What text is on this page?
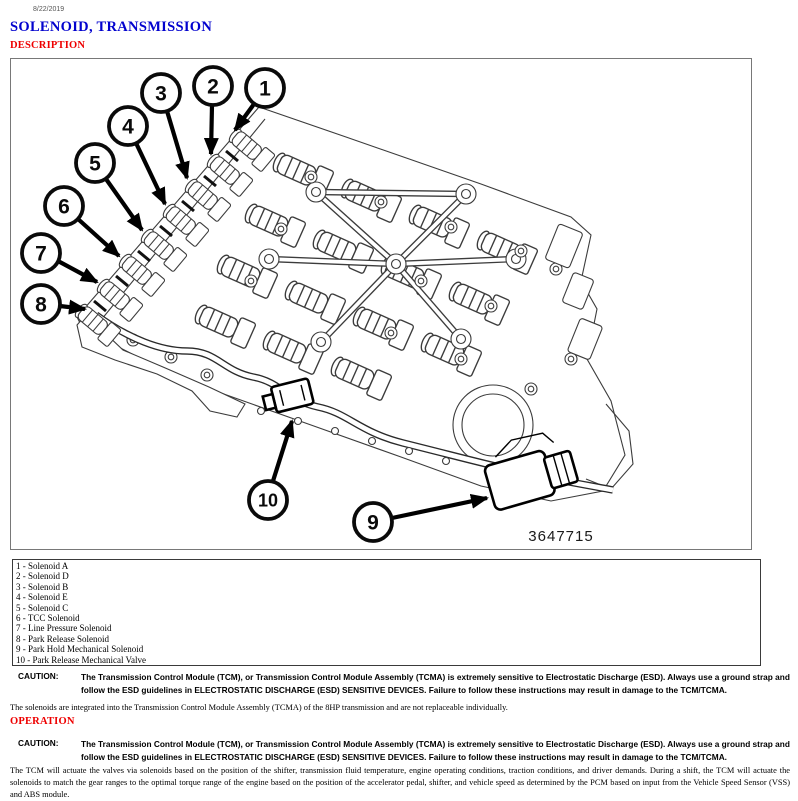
8/22/2019
SOLENOID, TRANSMISSION
DESCRIPTION
1
2
3
4
5
6
7
8
9
10
3647715
1 - Solenoid A
2 - Solenoid D
3 - Solenoid B
4 - Solenoid E
5 - Solenoid C
6 - TCC Solenoid
7 - Line Pressure Solenoid
8 - Park Release Solenoid
9 - Park Hold Mechanical Solenoid
10 - Park Release Mechanical Valve
CAUTION:	The Transmission Control Module (TCM), or Transmission Control Module Assembly (TCMA) is extremely sensitive to Electrostatic Discharge (ESD). Always use a ground strap and follow the ESD guidelines in ELECTROSTATIC DISCHARGE (ESD) SENSITIVE DEVICES. Failure to follow these instructions may result in damage to the TCM/TCMA.
The solenoids are integrated into the Transmission Control Module Assembly (TCMA) of the 8HP transmission and are not replaceable individually.
OPERATION
CAUTION:	The Transmission Control Module (TCM), or Transmission Control Module Assembly (TCMA) is extremely sensitive to Electrostatic Discharge (ESD). Always use a ground strap and follow the ESD guidelines in ELECTROSTATIC DISCHARGE (ESD) SENSITIVE DEVICES. Failure to follow these instructions may result in damage to the TCM/TCMA.
The TCM will actuate the valves via solenoids based on the position of the shifter, transmission fluid temperature, engine operating conditions, traction conditions, and driver demands. During a shift, the TCM will actuate the solenoids to match the gear ranges to the optimal torque range of the engine based on the position of the accelerator pedal, shifter, and vehicle speed as determined by the PCM based on input from the Vehicle Speed Sensor (VSS) and ABS module.
